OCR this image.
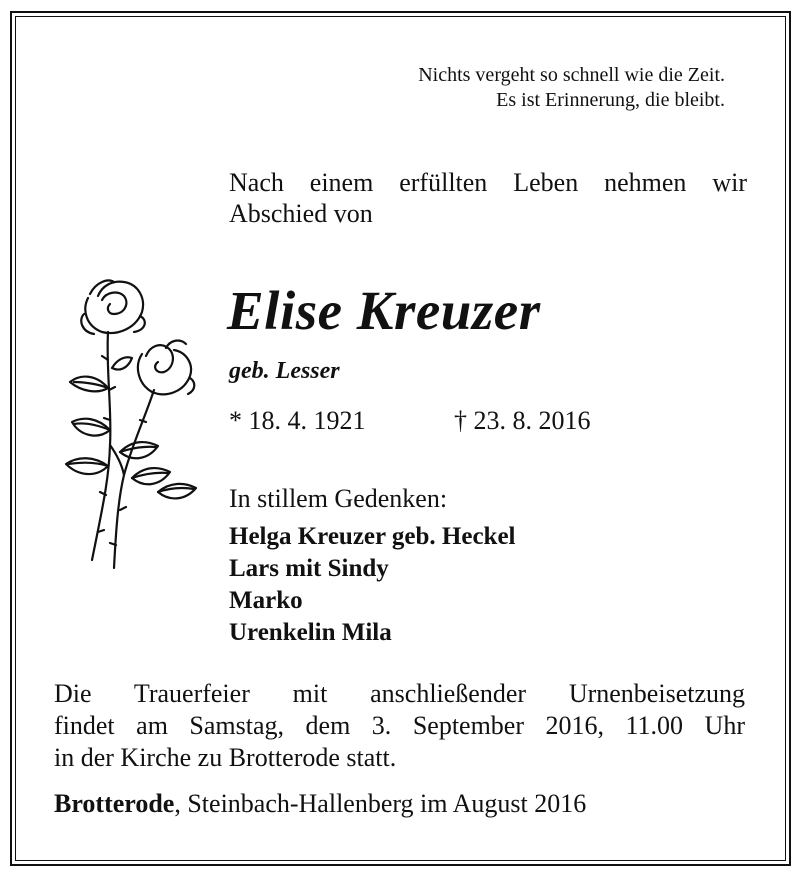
Nichts vergeht so schnell wie die Zeit.
Es ist Erinnerung, die bleibt.
Nach einem erfüllten Leben nehmen wir Abschied von
Elise Kreuzer
geb. Lesser
* 18. 4. 1921	† 23. 8. 2016
In stillem Gedenken:
Helga Kreuzer geb. Heckel
Lars mit Sindy
Marko
Urenkelin Mila
Die Trauerfeier mit anschließender Urnenbeisetzung
findet am Samstag, dem 3. September 2016, 11.00 Uhr
in der Kirche zu Brotterode statt.
Brotterode, Steinbach-Hallenberg im August 2016
